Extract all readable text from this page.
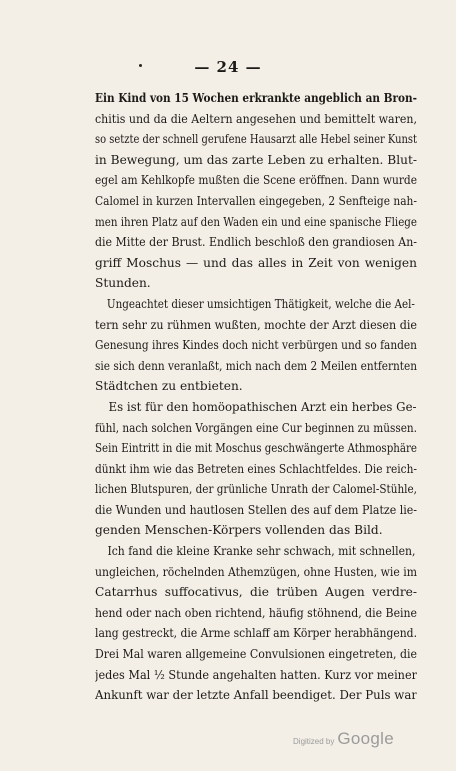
— 24 —

Ein Kind von 15 Wochen erkrankte angeblich an Bron-
chitis und da die Aeltern angesehen und bemittelt waren,
so setzte der schnell gerufene Hausarzt alle Hebel seiner Kunst
in Bewegung, um das zarte Leben zu erhalten. Blut-
egel am Kehlkopfe mußten die Scene eröffnen. Dann wurde
Calomel in kurzen Intervallen eingegeben, 2 Senfteige nah-
men ihren Platz auf den Waden ein und eine spanische Fliege
die Mitte der Brust. Endlich beschloß den grandiosen An-
griff Moschus — und das alles in Zeit von wenigen
Stunden.

Ungeachtet dieser umsichtigen Thätigkeit, welche die Ael-
tern sehr zu rühmen wußten, mochte der Arzt diesen die
Genesung ihres Kindes doch nicht verbürgen und so fanden
sie sich denn veranlaßt, mich nach dem 2 Meilen entfernten
Städtchen zu entbieten.

Es ist für den homöopathischen Arzt ein herbes Ge-
fühl, nach solchen Vorgängen eine Cur beginnen zu müssen.
Sein Eintritt in die mit Moschus geschwängerte Athmosphäre
dünkt ihm wie das Betreten eines Schlachtfeldes. Die reich-
lichen Blutspuren, der grünliche Unrath der Calomel-Stühle,
die Wunden und hautlosen Stellen des auf dem Platze lie-
genden Menschen-Körpers vollenden das Bild.

Ich fand die kleine Kranke sehr schwach, mit schnellen,
ungleichen, röchelnden Athemzügen, ohne Husten, wie im
Catarrhus suffocativus, die trüben Augen verdre-
hend oder nach oben richtend, häufig stöhnend, die Beine
lang gestreckt, die Arme schlaff am Körper herabhängend.
Drei Mal waren allgemeine Convulsionen eingetreten, die
jedes Mal ½ Stunde angehalten hatten. Kurz vor meiner
Ankunft war der letzte Anfall beendiget. Der Puls war

Digitized by Google
